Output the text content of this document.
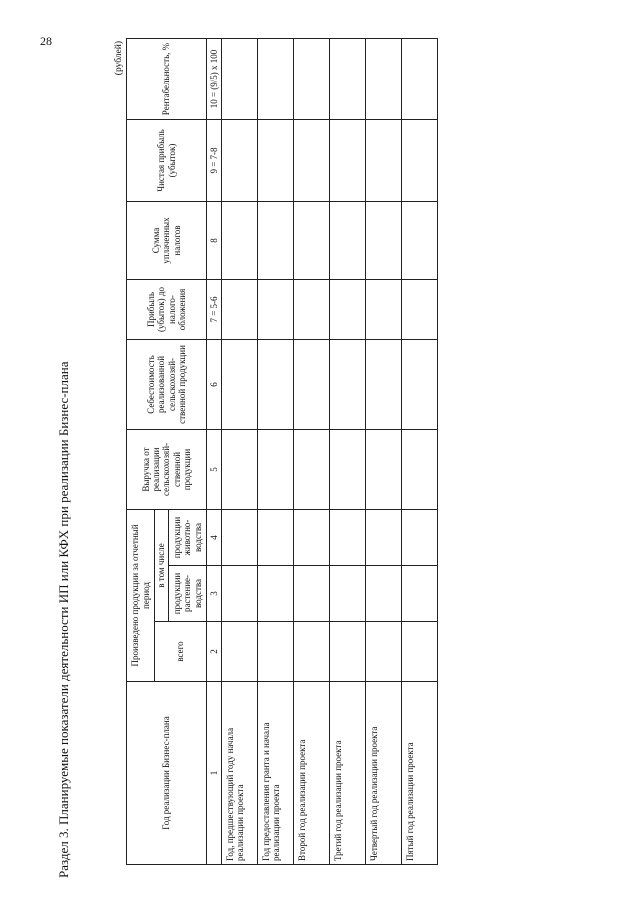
28
Раздел 3. Планируемые показатели деятельности ИП или КФХ при реализации Бизнес-плана
(рублей)
Год реализации Бизнес-плана	Произведено продукции за отчетный период			Выручка от реализации сельскохозяй-ственной продукции	Себестоимость реализованной сельскохозяй-ственной продукции	Прибыль (убыток) до налого-обложения	Сумма уплаченных налогов	Чистая прибыль (убыток)	Рентабельность, %
	всего	в том числе							
		продукции растение-водства	продукции животно-водства						
1	2	3	4	5	6	7 = 5-6	8	9 = 7-8	10 = (9/5) х 100
Год, предшествующий году начала реализации проекта									
Год предоставления гранта и начала реализации проекта									
Второй год реализации проекта									
Третий год реализации проекта									
Четвертый год реализации проекта									
Пятый год реализации проекта									
